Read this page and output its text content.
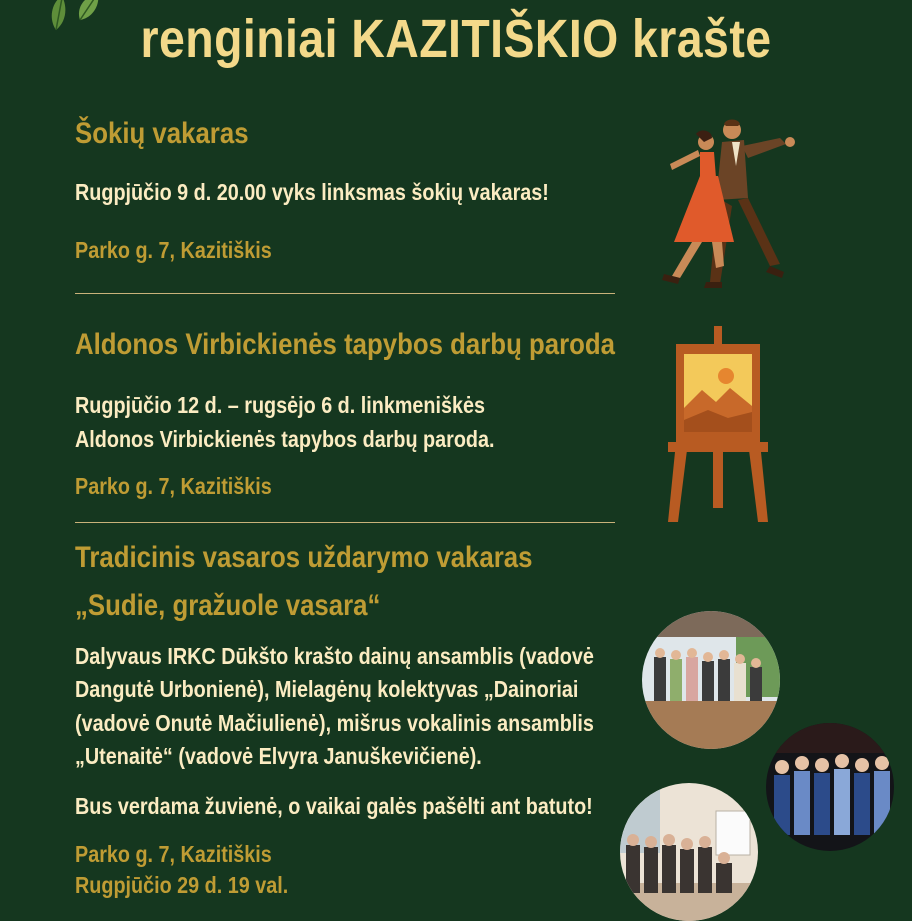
renginiai KAZITIŠKIO krašte
Šokių vakaras
Rugpjūčio 9 d. 20.00 vyks linksmas šokių vakaras!
Parko g. 7, Kazitiškis
Aldonos Virbickienės tapybos darbų paroda
Rugpjūčio 12 d. – rugsėjo 6 d. linkmeniškės
Aldonos Virbickienės tapybos darbų paroda.
Parko g. 7, Kazitiškis
Tradicinis vasaros uždarymo vakaras
„Sudie, gražuole vasara“
Dalyvaus IRKC Dūkšto krašto dainų ansamblis (vadovė
Dangutė Urbonienė), Mielagėnų kolektyvas „Dainoriai
(vadovė Onutė Mačiulienė), mišrus vokalinis ansamblis
„Utenaitė“ (vadovė Elvyra Januškevičienė).
Bus verdama žuvienė, o vaikai galės pašėlti ant batuto!
Parko g. 7, Kazitiškis
Rugpjūčio 29 d. 19 val.
